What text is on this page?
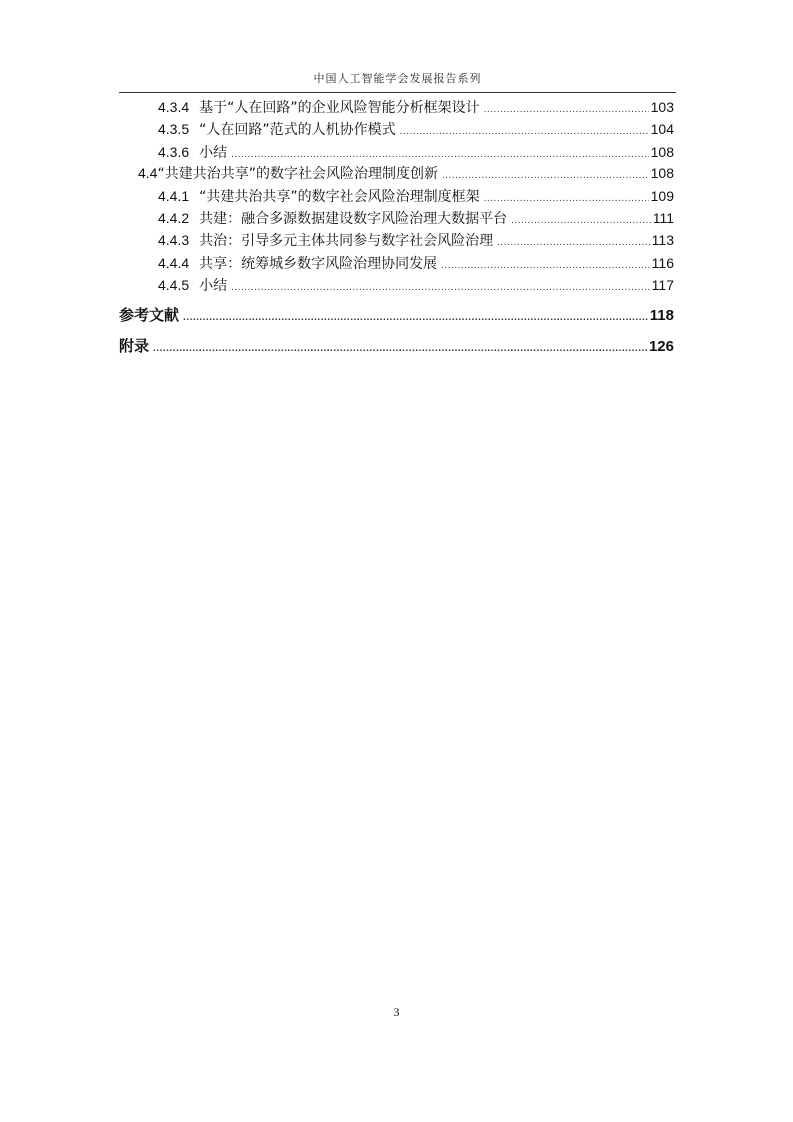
中国人工智能学会发展报告系列
4.3.4 基于“人在回路”的企业风险智能分析框架设计 .....	103
4.3.5 “人在回路”范式的人机协作模式 .....	104
4.3.6 小结 .....	108
4.4 “共建共治共享”的数字社会风险治理制度创新 .....	108
4.4.1 “共建共治共享”的数字社会风险治理制度框架 .....	109
4.4.2 共建：融合多源数据建设数字风险治理大数据平台 .....	111
4.4.3 共治：引导多元主体共同参与数字社会风险治理 .....	113
4.4.4 共享：统筹城乡数字风险治理协同发展 .....	116
4.4.5 小结 .....	117
参考文献 .....	118
附录 .....	126
3
